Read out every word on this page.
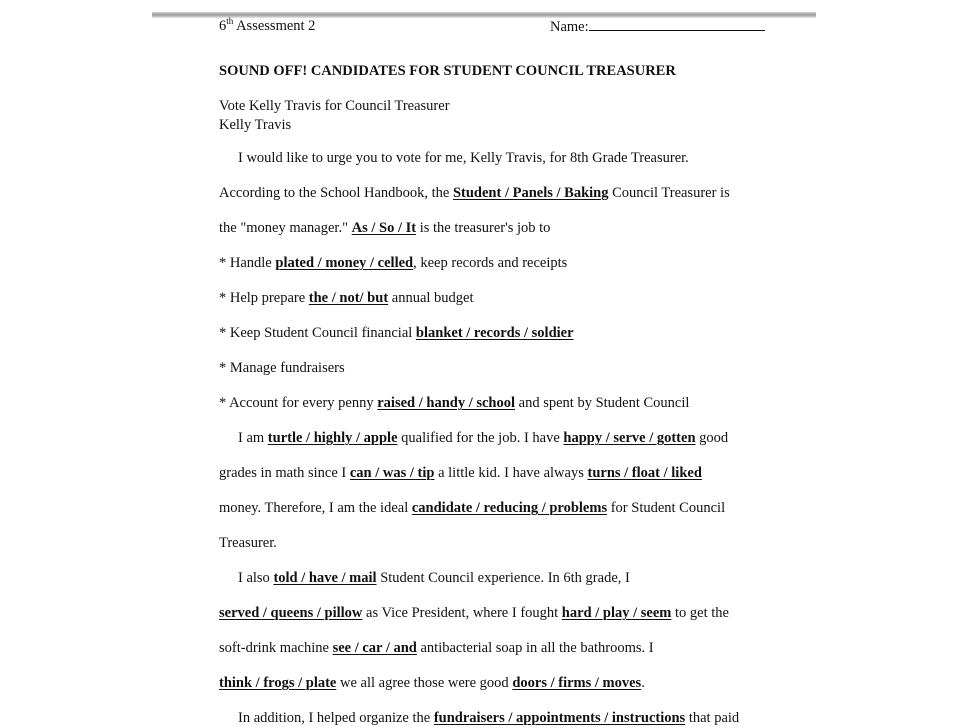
6th Assessment 2	Name:
SOUND OFF! CANDIDATES FOR STUDENT COUNCIL TREASURER
Vote Kelly Travis for Council Treasurer
Kelly Travis
I would like to urge you to vote for me, Kelly Travis, for 8th Grade Treasurer.
According to the School Handbook, the Student / Panels / Baking Council Treasurer is
the "money manager." As / So / It is the treasurer's job to
* Handle plated / money / celled, keep records and receipts
* Help prepare the / not/ but annual budget
* Keep Student Council financial blanket / records / soldier
* Manage fundraisers
* Account for every penny raised / handy / school and spent by Student Council
I am turtle / highly / apple qualified for the job. I have happy / serve / gotten good
grades in math since I can / was / tip a little kid. I have always turns / float / liked
money. Therefore, I am the ideal candidate / reducing / problems for Student Council
Treasurer.
I also told / have / mail Student Council experience. In 6th grade, I
served / queens / pillow as Vice President, where I fought hard / play / seem to get the
soft-drink machine see / car / and antibacterial soap in all the bathrooms. I
think / frogs / plate we all agree those were good doors / firms / moves.
In addition, I helped organize the fundraisers / appointments / instructions that paid
